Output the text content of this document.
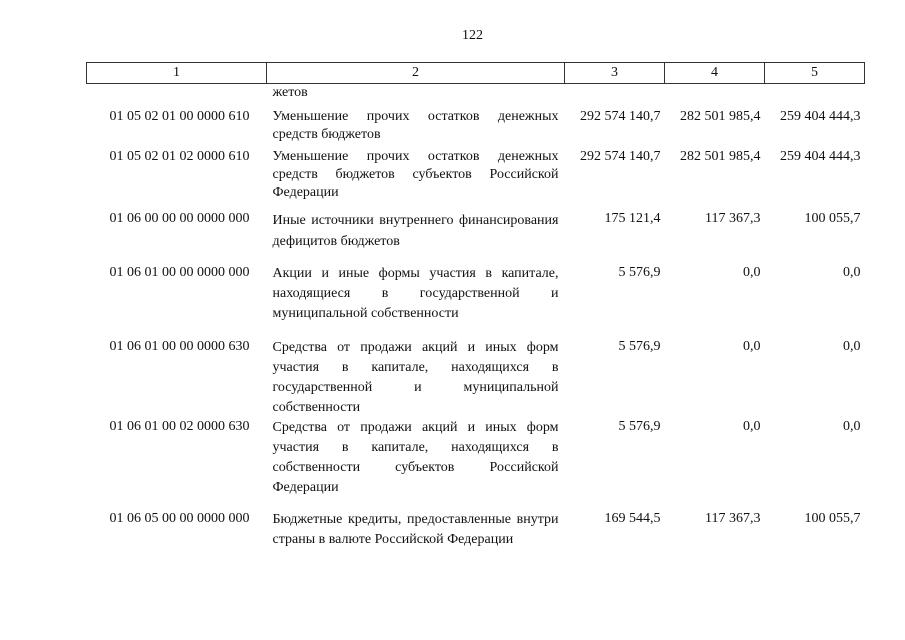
122
1	2	3	4	5
	жетов			
01 05 02 01 00 0000 610	Уменьшение прочих остатков денежных средств бюджетов	292 574 140,7	282 501 985,4	259 404 444,3
01 05 02 01 02 0000 610	Уменьшение прочих остатков денежных средств бюджетов субъектов Российской Федерации	292 574 140,7	282 501 985,4	259 404 444,3
01 06 00 00 00 0000 000	Иные источники внутреннего финансирования дефицитов бюджетов	175 121,4	117 367,3	100 055,7
01 06 01 00 00 0000 000	Акции и иные формы участия в капитале, находящиеся в государственной и муниципальной собственности	5 576,9	0,0	0,0
01 06 01 00 00 0000 630	Средства от продажи акций и иных форм участия в капитале, находящихся в государственной и муниципальной собственности	5 576,9	0,0	0,0
01 06 01 00 02 0000 630	Средства от продажи акций и иных форм участия в капитале, находящихся в собственности субъектов Российской Федерации	5 576,9	0,0	0,0
01 06 05 00 00 0000 000	Бюджетные кредиты, предоставленные внутри страны в валюте Российской Федерации	169 544,5	117 367,3	100 055,7
